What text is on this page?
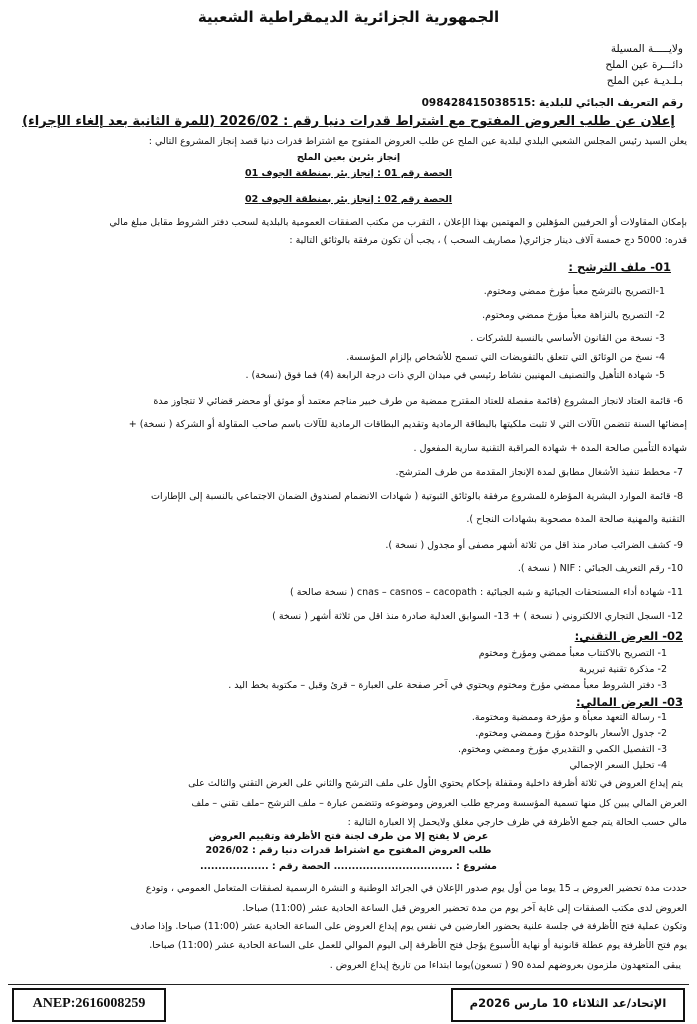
الجمهورية الجزائرية الديمقراطية الشعبية
ولايـــــة المسيلة
دائـــرة عين الملح
بـلـديـة عين الملح
رقم التعريف الجبائي للبلدية :098428415038515
إعلان عن طلب العروض المفتوح مع اشتراط قدرات دنيا رقم : 2026/02 (للمرة الثانية بعد إلغاء الإجراء)
يعلن السيد رئيس المجلس الشعبي البلدي لبلدية عين الملح عن طلب العروض المفتوح مع اشتراط قدرات دنيا قصد إنجاز المشروع التالي :
إنجاز بئرين بعين الملح
الحصة رقم 01 : إنجاز بئر بمنطقة الجوف 01
الحصة رقم 02 : إنجاز بئر بمنطقة الجوف 02
بإمكان المقاولات أو الحرفيين المؤهلين و المهتمين بهذا الإعلان ، التقرب من مكتب الصفقات العمومية بالبلدية لسحب دفتر الشروط مقابل مبلغ مالي
قدره: 5000 دج خمسة آلاف دينار جزائري( مصاريف السحب ) ، يجب أن تكون مرفقة بالوثائق التالية :
01- ملف الترشح :
1-التصريح بالترشح معبأ مؤرخ ممضي ومختوم.
2- التصريح بالنزاهة معبأ مؤرخ ممضي ومختوم.
3- نسخة من القانون الأساسي بالنسبة للشركات .
4- نسخ من الوثائق التي تتعلق بالتفويضات التي تسمح للأشخاص بإلزام المؤسسة.
5- شهادة التأهيل والتصنيف المهنيين نشاط رئيسي في ميدان الري ذات درجة الرابعة (4) فما فوق (نسخة) .
6- قائمة العتاد لانجاز المشروع (قائمة مفصلة للعتاد المقترح ممضية من طرف خبير مناجم معتمد أو موثق أو محضر قضائي لا تتجاوز مدة
إمضائها السنة تتضمن الآلات التي لا تثبت ملكيتها بالبطاقة الرمادية وتقديم البطاقات الرمادية للآلات باسم صاحب المقاولة أو الشركة ( نسخة) +
شهادة التأمين صالحة المدة + شهادة المراقبة التقنية سارية المفعول .
7- مخطط تنفيذ الأشغال مطابق لمدة الإنجاز المقدمة من طرف المترشح.
8- قائمة الموارد البشرية المؤطرة للمشروع مرفقة بالوثائق الثبوتية ( شهادات الانضمام لصندوق الضمان الاجتماعي بالنسبة إلى الإطارات
التقنية والمهنية صالحة المدة مصحوبة بشهادات النجاح ).
9- كشف الضرائب صادر منذ اقل من ثلاثة أشهر مصفى أو مجدول ( نسخة ).
10- رقم التعريف الجبائي : NIF ( نسخة ).
11- شهادة أداء المستحقات الجبائية و شبه الجبائية : cnas – casnos – cacopath ( نسخة صالحة )
12- السجل التجاري الالكتروني ( نسخة ) + 13- السوابق العدلية صادرة منذ اقل من ثلاثة أشهر ( نسخة )
02- العرض التقني:
1- التصريح بالاكتتاب معبأ ممضي ومؤرخ ومختوم
2- مذكرة تقنية تبريرية
3- دفتر الشروط معبأ ممضي مؤرخ ومختوم ويحتوي في آخر صفحة على العبارة – قرئ وقبل – مكتوبة بخط اليد .
03- العرض المالي:
1- رسالة التعهد معبأة و مؤرخة وممضية ومختومة.
2- جدول الأسعار بالوحدة مؤرخ وممضي ومختوم.
3- التفصيل الكمي و التقديري مؤرخ وممضي ومختوم.
4- تحليل السعر الإجمالي
يتم إيداع العروض في ثلاثة أظرفة داخلية ومقفلة بإحكام يحتوي الأول على ملف الترشح والثاني على العرض التقني والثالث على
العرض المالي يبين كل منها تسمية المؤسسة ومرجع طلب العروض وموضوعه وتتضمن عبارة – ملف الترشح –ملف تقني – ملف
مالي حسب الحالة يتم جمع الأظرفة في ظرف خارجي مغلق ولايحمل إلا العبارة التالية :
عرض لا يفتح إلا من طرف لجنة فتح الأظرفة وتقييم العروض
طلب العروض المفتوح مع اشتراط قدرات دنيا رقم : 2026/02
مشروع : ................................. الحصة رقم : ...................
حددت مدة تحضير العروض بـ 15 يوما من أول يوم صدور الإعلان في الجرائد الوطنية و النشرة الرسمية لصفقات المتعامل العمومي ، وتودع
العروض لدى مكتب الصفقات إلى غاية آخر يوم من مدة تحضير العروض قبل الساعة الحادية عشر (11:00) صباحا.
وتكون عملية فتح الأظرفة في جلسة علنية بحضور العارضين في نفس يوم إيداع العروض على الساعة الحادية عشر (11:00) صباحا. وإذا صادف
يوم فتح الأظرفة يوم عطلة قانونية أو نهاية الأسبوع يؤجل فتح الأظرفة إلى اليوم الموالي للعمل على الساعة الحادية عشر (11:00) صباحا.
يبقى المتعهدون ملزمون بعروضهم لمدة 90 ( تسعون)يوما ابتداءا من تاريخ إيداع العروض .
ANEP:2616008259	الإتحاد/عد الثلاثاء 10 مارس 2026م
